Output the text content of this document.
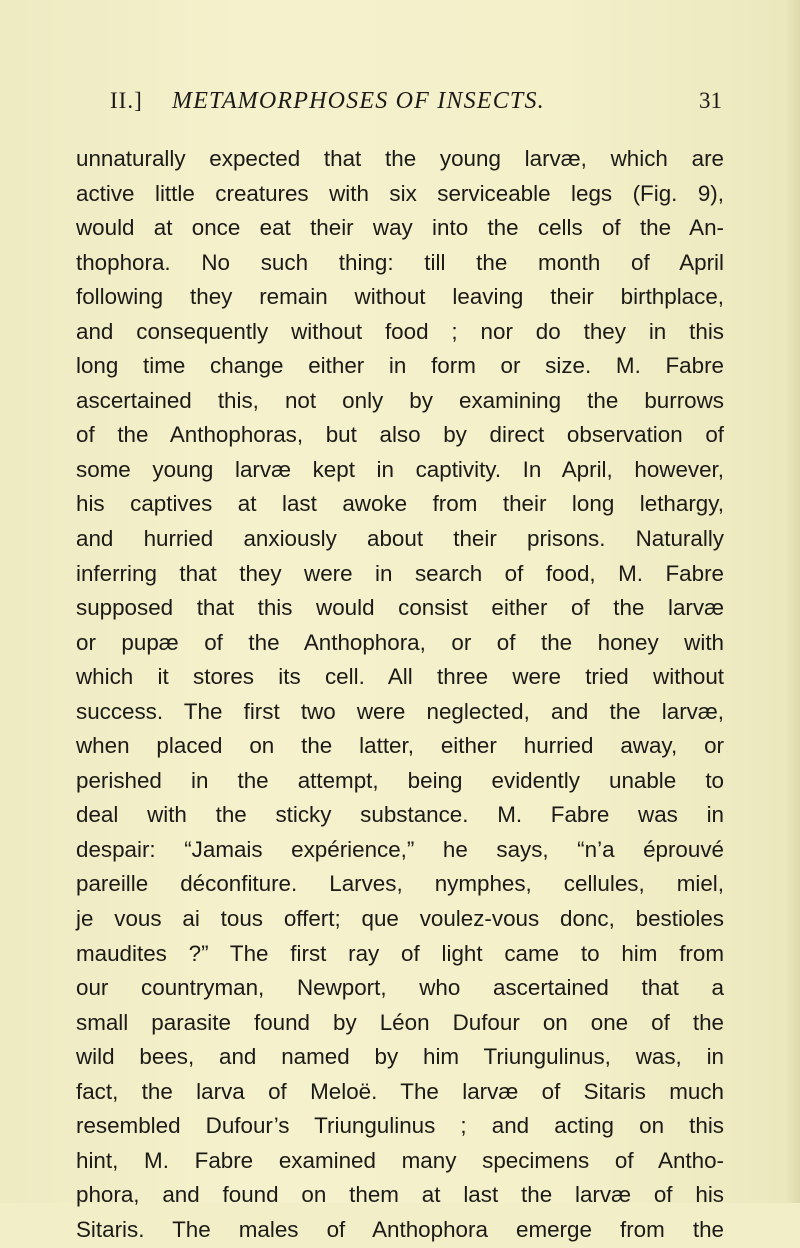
II.] METAMORPHOSES OF INSECTS.	31
unnaturally expected that the young larvæ, which are
active little creatures with six serviceable legs (Fig. 9),
would at once eat their way into the cells of the An-
thophora. No such thing: till the month of April
following they remain without leaving their birthplace,
and consequently without food ; nor do they in this
long time change either in form or size. M. Fabre
ascertained this, not only by examining the burrows
of the Anthophoras, but also by direct observation of
some young larvæ kept in captivity. In April, however,
his captives at last awoke from their long lethargy,
and hurried anxiously about their prisons. Naturally
inferring that they were in search of food, M. Fabre
supposed that this would consist either of the larvæ
or pupæ of the Anthophora, or of the honey with
which it stores its cell. All three were tried without
success. The first two were neglected, and the larvæ,
when placed on the latter, either hurried away, or
perished in the attempt, being evidently unable to
deal with the sticky substance. M. Fabre was in
despair: “Jamais expérience,” he says, “n’a éprouvé
pareille déconfiture. Larves, nymphes, cellules, miel,
je vous ai tous offert; que voulez-vous donc, bestioles
maudites ?” The first ray of light came to him from
our countryman, Newport, who ascertained that a
small parasite found by Léon Dufour on one of the
wild bees, and named by him Triungulinus, was, in
fact, the larva of Meloë. The larvæ of Sitaris much
resembled Dufour’s Triungulinus ; and acting on this
hint, M. Fabre examined many specimens of Antho-
phora, and found on them at last the larvæ of his
Sitaris. The males of Anthophora emerge from the
